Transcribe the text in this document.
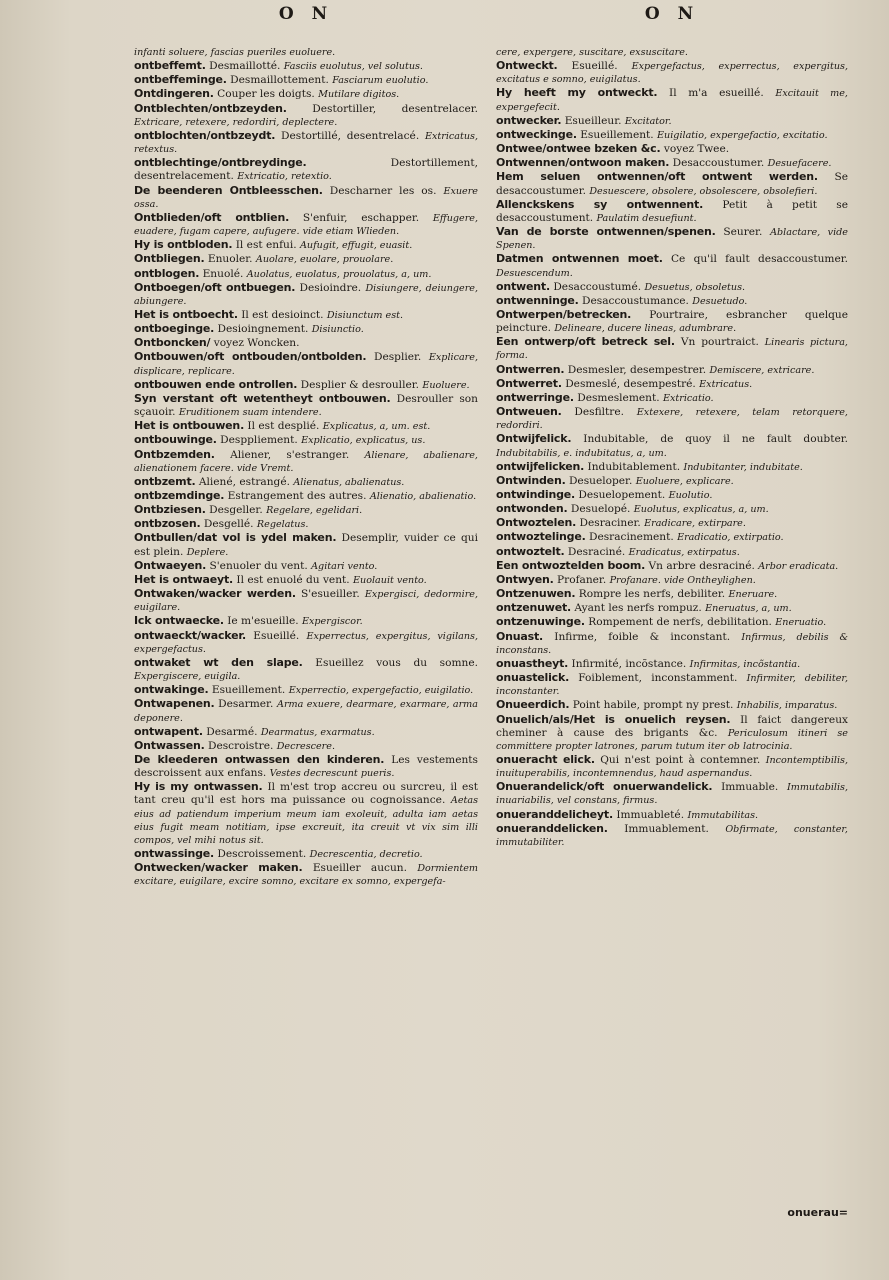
O N

infanti soluere, fascias pueriles euoluere.

ontbeffemt. Desmaillotté. Fasciis euolutus, vel solutus.

ontbeffeminge. Desmaillottement. Fasciarum euolutio.

Ontdingeren. Couper les doigts. Mutilare digitos.

Ontblechten/ontbzeyden. Destortiller, desentrelacer. Extricare, retexere, redordiri, deplectere.

ontblochten/ontbzeydt. Destortillé, desentrelacé. Extricatus, retextus.

ontblechtinge/ontbreydinge.	Destortillement, desentrelacement. Extricatio, retextio.

De beenderen Ontbleesschen. Descharner les os. Exuere ossa.

Ontblieden/oft ontblien. S'enfuir, eschapper. Effugere, euadere, fugam capere, aufugere. vide etiam Wlieden.

Hy is ontbloden. Il est enfui. Aufugit, effugit, euasit.

Ontbliegen. Enuoler. Auolare, euolare, prouolare.

ontblogen. Enuolé. Auolatus, euolatus, prouolatus, a, um.

Ontboegen/oft ontbuegen. Desioindre. Disiungere, deiungere, abiungere.

Het is ontboecht. Il est desioinct. Disiunctum est.

ontboeginge. Desioingnement. Disiunctio.

Ontboncken/ voyez Woncken.

Ontbouwen/oft ontbouden/ontbolden. Desplier. Explicare, displicare, replicare.

ontbouwen ende ontrollen. Desplier & desrouller. Euoluere.

Syn verstant oft wetentheyt ontbouwen. Desrouller son sçauoir. Eruditionem suam intendere.

Het is ontbouwen. Il est desplié. Explicatus, a, um. est.

ontbouwinge. Desppliement. Explicatio, explicatus, us.

Ontbzemden. Aliener, s'estranger. Alienare, abalienare, alienationem facere. vide Vremt.

ontbzemt. Aliené, estrangé. Alienatus, abalienatus.

ontbzemdinge. Estrangement des autres. Alienatio, abalienatio.

Ontbziesen. Desgeller. Regelare, egelidari.

ontbzosen. Desgellé. Regelatus.

Ontbullen/dat vol is ydel maken. Desemplir, vuider ce qui est plein. Deplere.

Ontwaeyen. S'enuoler du vent. Agitari vento.

Het is ontwaeyt. Il est enuolé du vent. Euolauit vento.

Ontwaken/wacker werden. S'esueiller. Expergisci, dedormire, euigilare.

Ick ontwaecke. Ie m'esueille. Expergiscor.

ontwaeckt/wacker. Esueillé. Experrectus, expergitus, vigilans, expergefactus.

ontwaket wt den slape. Esueillez vous du somne. Expergiscere, euigila.

ontwakinge. Esueillement. Experrectio, expergefactio, euigilatio.

Ontwapenen. Desarmer. Arma exuere, dearmare, exarmare, arma deponere.

ontwapent. Desarmé. Dearmatus, exarmatus.

Ontwassen. Descroistre. Decrescere.

De kleederen ontwassen den kinderen. Les vestements descroissent aux enfans. Vestes decrescunt pueris.

Hy is my ontwassen. Il m'est trop accreu ou surcreu, il est tant creu qu'il est hors ma puissance ou cognoissance. Aetas eius ad patiendum imperium meum iam exoleuit, adulta iam aetas eius fugit meam notitiam, ipse excreuit, ita creuit vt vix sim illi compos, vel mihi notus sit.

ontwassinge. Descroissement. Decrescentia, decretio.

Ontwecken/wacker maken. Esueiller aucun. Dormientem excitare, euigilare, excire somno, excitare ex somno, expergefa-

O N

cere, expergere, suscitare, exsuscitare.

Ontweckt. Esueillé. Expergefactus, experrectus, expergitus, excitatus e somno, euigilatus.

Hy heeft my ontweckt. Il m'a esueillé. Excitauit me, expergefecit.

ontwecker. Esueilleur. Excitator.

ontweckinge. Esueillement. Euigilatio, expergefactio, excitatio.

Ontwee/ontwee bzeken &c. voyez Twee.

Ontwennen/ontwoon maken. Desaccoustumer. Desuefacere.

Hem seluen ontwennen/oft ontwent werden. Se desaccoustumer. Desuescere, obsolere, obsolescere, obsolefieri.

Allenckskens sy ontwennent. Petit à petit se desaccoustument. Paulatim desuefiunt.

Van de borste ontwennen/spenen. Seurer. Ablactare, vide Spenen.

Datmen ontwennen moet. Ce qu'il fault desaccoustumer. Desuescendum.

ontwent. Desaccoustumé. Desuetus, obsoletus.

ontwenninge. Desaccoustumance. Desuetudo.

Ontwerpen/betrecken. Pourtraire, esbrancher quelque peincture. Delineare, ducere lineas, adumbrare.

Een ontwerp/oft betreck sel. Vn pourtraict. Linearis pictura, forma.

Ontwerren. Desmesler, desempestrer. Demiscere, extricare.

Ontwerret. Desmeslé, desempestré. Extricatus.

ontwerringe. Desmeslement. Extricatio.

Ontweuen. Desfiltre. Extexere, retexere, telam retorquere, redordiri.

Ontwijfelick. Indubitable, de quoy il ne fault doubter. Indubitabilis, e. indubitatus, a, um.

ontwijfelicken. Indubitablement. Indubitanter, indubitate.

Ontwinden. Desueloper. Euoluere, explicare.

ontwindinge. Desuelopement. Euolutio.

ontwonden. Desuelopé. Euolutus, explicatus, a, um.

Ontwoztelen. Desraciner. Eradicare, extirpare.

ontwoztelinge. Desracinement. Eradicatio, extirpatio.

ontwoztelt. Desraciné. Eradicatus, extirpatus.

Een ontwoztelden boom. Vn arbre desraciné. Arbor eradicata.

Ontwyen. Profaner. Profanare. vide Ontheylighen.

Ontzenuwen. Rompre les nerfs, debiliter. Eneruare.

ontzenuwet. Ayant les nerfs rompuz. Eneruatus, a, um.

ontzenuwinge. Rompement de nerfs, debilitation. Eneruatio.

Onuast. Infirme, foible & inconstant. Infirmus, debilis & inconstans.

onuastheyt. Infirmité, incõstance. Infirmitas, incõstantia.

onuastelick. Foiblement, inconstamment. Infirmiter, debiliter, inconstanter.

Onueerdich. Point habile, prompt ny prest. Inhabilis, imparatus.

Onuelich/als/Het is onuelich reysen. Il faict dangereux cheminer à cause des brigants &c. Periculosum itineri se committere propter latrones, parum tutum iter ob latrocinia.

onueracht elick. Qui n'est point à contemner. Incontemptibilis, inuituperabilis, incontemnendus, haud aspernandus.

Onuerandelick/oft onuerwandelick. Immuable. Immutabilis, inuariabilis, vel constans, firmus.

onueranddelicheyt. Immuableté. Immutabilitas.

onueranddelicken. Immuablement. Obfirmate, constanter, immutabiliter.

onuerau=
